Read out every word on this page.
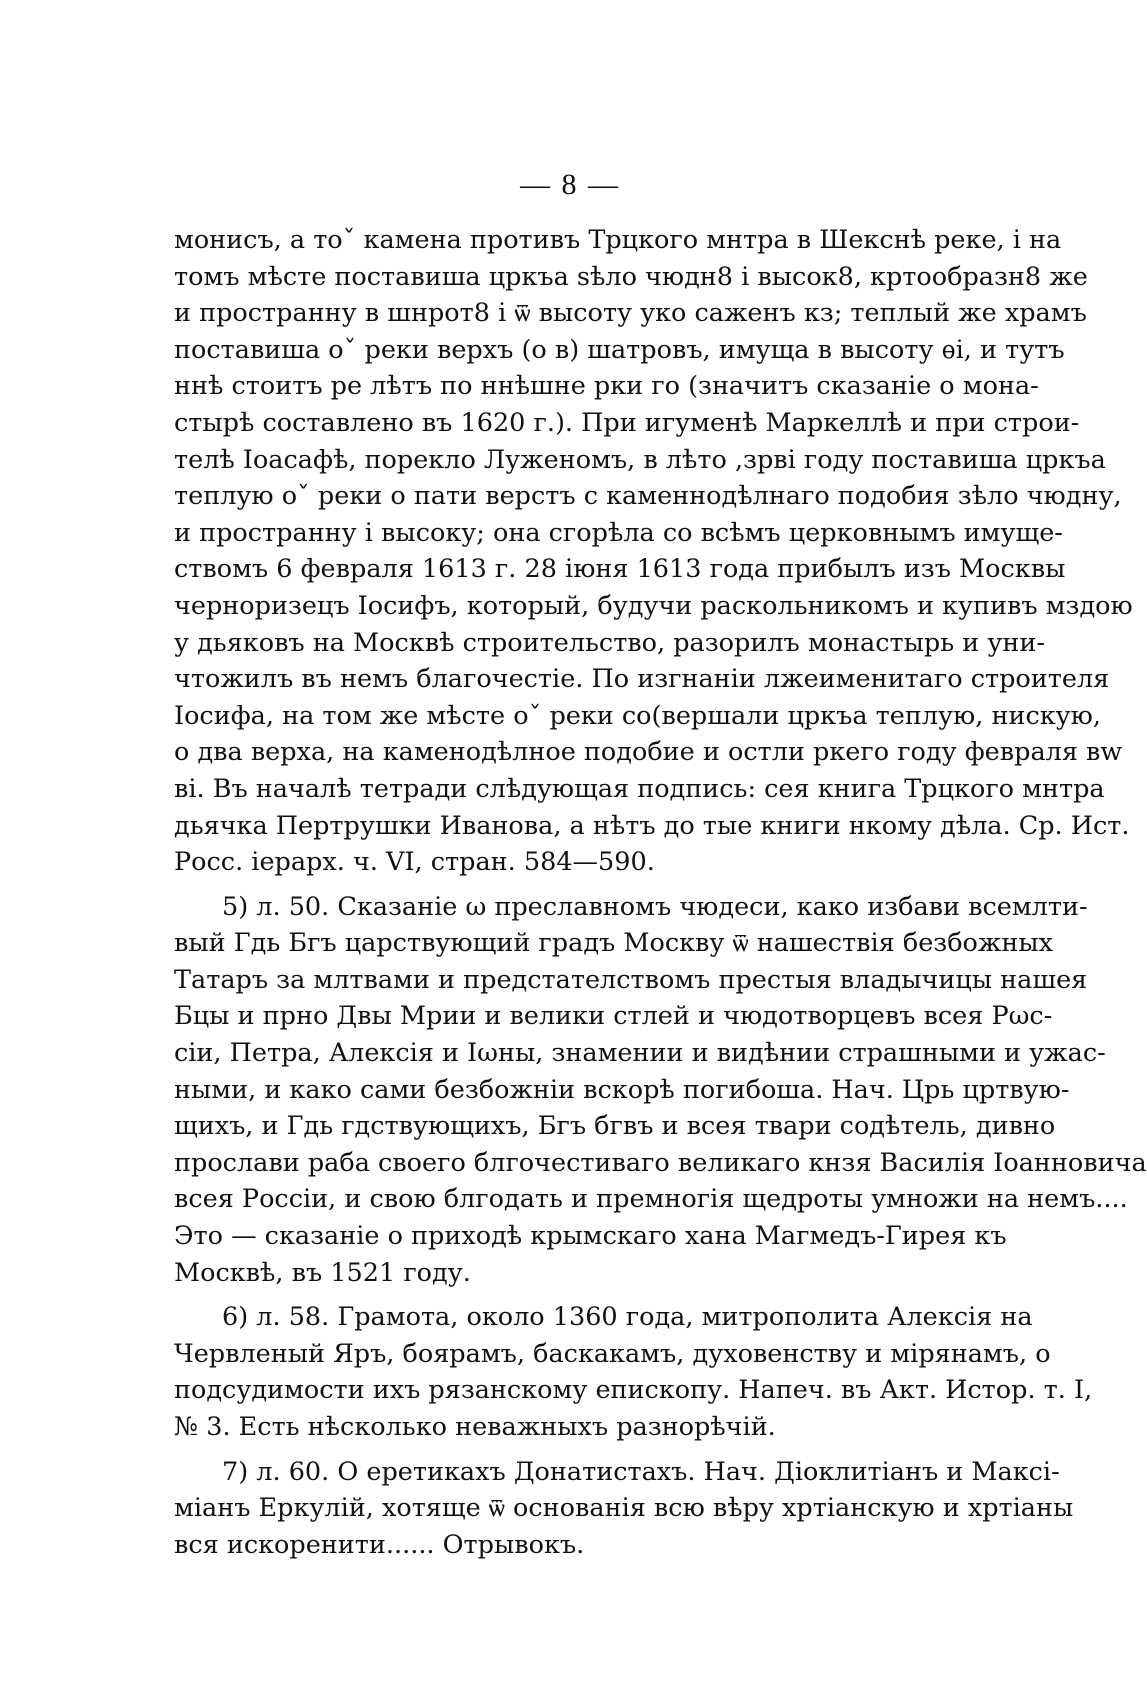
— 8 —
монисъ, а тоˇ камена противъ Трцкого мнтра в Шекснѣ реке, і на
томъ мѣсте поставиша цркъа ѕѣло чюдн8 і высок8, кртообразн8 же
и пространну в шнрот8 і ѿ высоту уко саженъ кз; теплый же храмъ
поставиша оˇ реки верхъ (о в) шатровъ, имущa в высоту ѳі, и тутъ
ннѣ стоитъ ре лѣтъ по ннѣшне рки го (значитъ сказаніе о мона-
стырѣ составлено въ 1620 г.). При игуменѣ Маркеллѣ и при строи-
телѣ Іоасафѣ, порекло Луженомъ, в лѣто ,зрві году поставиша цркъа
теплую оˇ реки о пати верстъ с каменнодѣлнаго подобия зѣло чюдну,
и пространну і высоку; она сгорѣла со всѣмъ церковнымъ имуще-
ствомъ 6 февраля 1613 г. 28 іюня 1613 года прибылъ изъ Москвы
черноризецъ Іосифъ, который, будучи раскольникомъ и купивъ мздою
у дьяковъ на Москвѣ строительство, разорилъ монастырь и уни-
чтожилъ въ немъ благочестіе. По изгнаніи лжеименитаго строителя
Іосифа, на том же мѣсте оˇ реки со(вершали цркъа теплую, нискую,
о два верха, на каменодѣлное подобие и остли ркего году февраля вw
ві. Въ началѣ тетради слѣдующая подпись: сея книга Трцкого мнтра
дьячка Пертрушки Иванова, а нѣтъ до тые книги нкому дѣла. Ср. Ист.
Росс. іерарх. ч. VI, стран. 584—590.
5) л. 50. Сказаніе ω преславномъ чюдеси, како избави всемлти-
вый Гдь Бгъ царствующий градъ Москву ѿ нашествія безбожных
Татаръ за млтвами и предстателствомъ престыя владычицы нашея
Бцы и прно Двы Мрии и велики стлей и чюдотворцевъ всея Рωс-
сіи, Петра, Алексія и Іωны, знамении и видѣнии страшными и ужас-
ными, и како сами безбожніи вскорѣ погибоша. Нач. Црь цртвую-
щихъ, и Гдь гдствующихъ, Бгъ бгвъ и всея твари содѣтель, дивно
прослави раба своего блгочестиваго великаго кнзя Василія Іоанновича
всея Россіи, и свою блгодать и премногія щедроты умножи на немъ....
Это — сказаніе о приходѣ крымскаго хана Магмедъ-Гирея къ
Москвѣ, въ 1521 году.
6) л. 58. Грамота, около 1360 года, митрополита Алексія на
Червленый Яръ, боярамъ, баскакамъ, духовенству и мірянамъ, о
подсудимости ихъ рязанскому епископу. Напеч. въ Акт. Истор. т. I,
№ 3. Есть нѣсколько неважныхъ разнорѣчій.
7) л. 60. О еретикахъ Донатистахъ. Нач. Діоклитіанъ и Максі-
міанъ Еркулій, хотяще ѿ основанія всю вѣру хртіанскую и хртіаны
вся искоренити...... Отрывокъ.
